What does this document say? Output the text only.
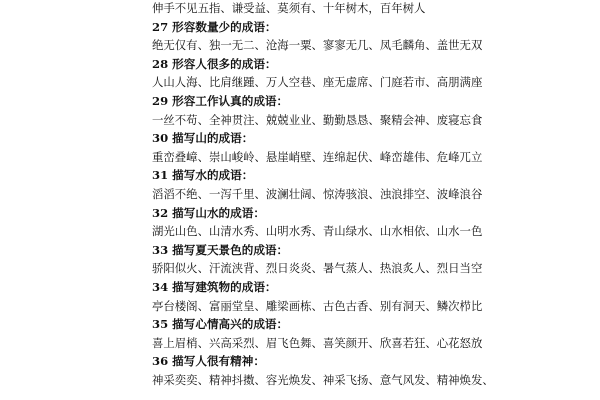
伸手不见五指、谦受益、莫须有、十年树木，百年树人
27 形容数量少的成语：
绝无仅有、独一无二、沧海一粟、寥寥无几、凤毛麟角、盖世无双
28 形容人很多的成语：
人山人海、比肩继踵、万人空巷、座无虚席、门庭若市、高朋满座
29 形容工作认真的成语：
一丝不苟、全神贯注、兢兢业业、勤勤恳恳、聚精会神、废寝忘食
30 描写山的成语：
重峦叠嶂、崇山峻岭、悬崖峭壁、连绵起伏、峰峦雄伟、危峰兀立
31 描写水的成语：
滔滔不绝、一泻千里、波澜壮阔、惊涛骇浪、浊浪排空、波峰浪谷
32 描写山水的成语：
湖光山色、山清水秀、山明水秀、青山绿水、山水相依、山水一色
33 描写夏天景色的成语：
骄阳似火、汗流浃背、烈日炎炎、暑气蒸人、热浪炙人、烈日当空
34 描写建筑物的成语：
亭台楼阁、富丽堂皇、雕梁画栋、古色古香、别有洞天、鳞次栉比
35 描写心情高兴的成语：
喜上眉梢、兴高采烈、眉飞色舞、喜笑颜开、欣喜若狂、心花怒放
36 描写人很有精神：
神采奕奕、精神抖擞、容光焕发、神采飞扬、意气风发、精神焕发、
